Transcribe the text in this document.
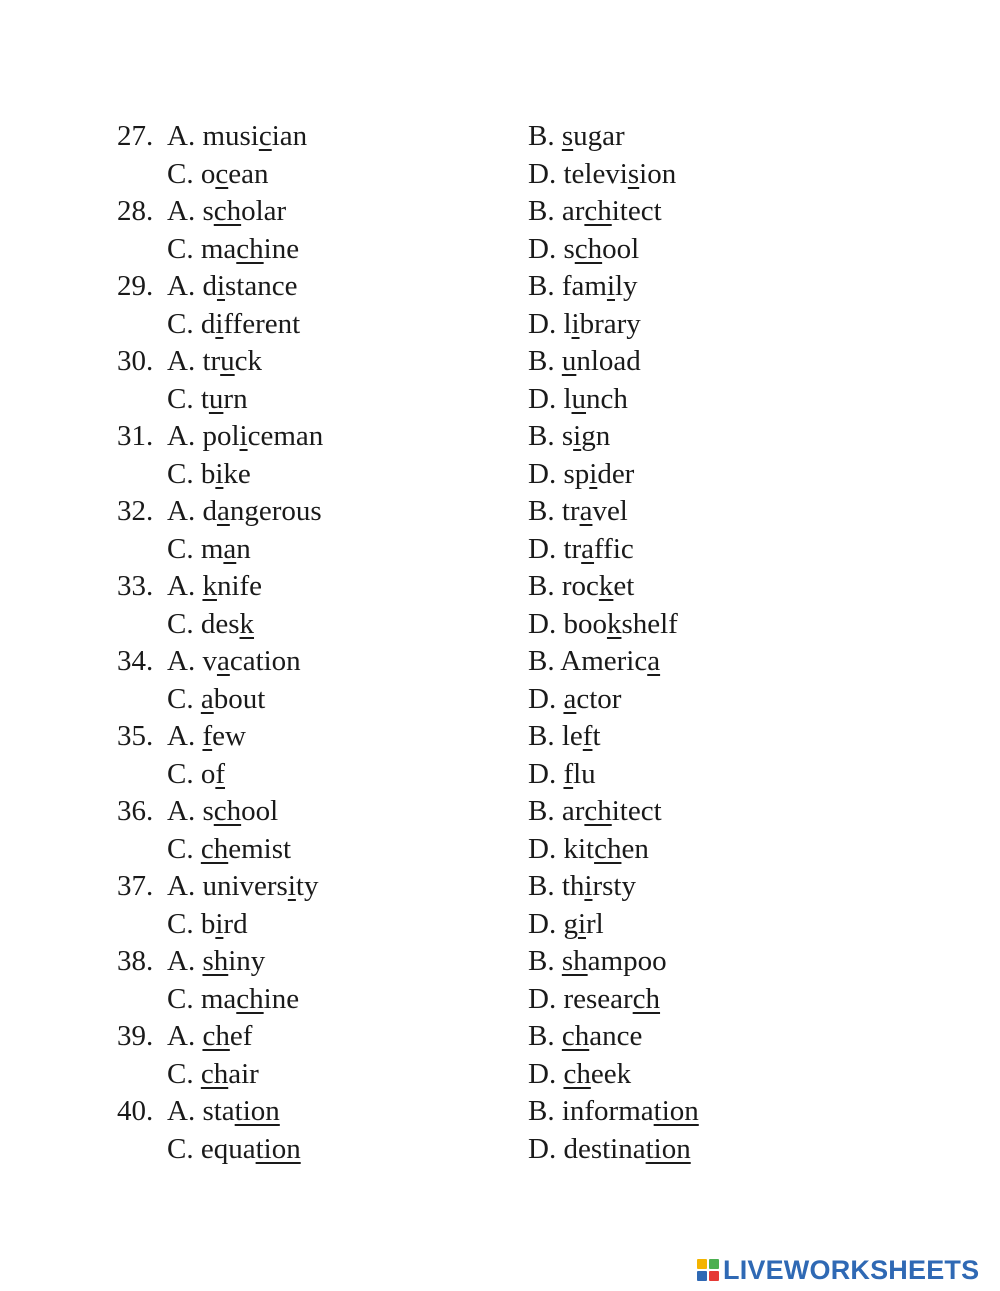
27. A. musician	B. sugar
C. ocean	D. television
28. A. scholar	B. architect
C. machine	D. school
29. A. distance	B. family
C. different	D. library
30. A. truck	B. unload
C. turn	D. lunch
31. A. policeman	B. sign
C. bike	D. spider
32. A. dangerous	B. travel
C. man	D. traffic
33. A. knife	B. rocket
C. desk	D. bookshelf
34. A. vacation	B. America
C. about	D. actor
35. A. few	B. left
C. of	D. flu
36. A. school	B. architect
C. chemist	D. kitchen
37. A. university	B. thirsty
C. bird	D. girl
38. A. shiny	B. shampoo
C. machine	D. research
39. A. chef	B. chance
C. chair	D. cheek
40. A. station	B. information
C. equation	D. destination
LIVEWORKSHEETS
